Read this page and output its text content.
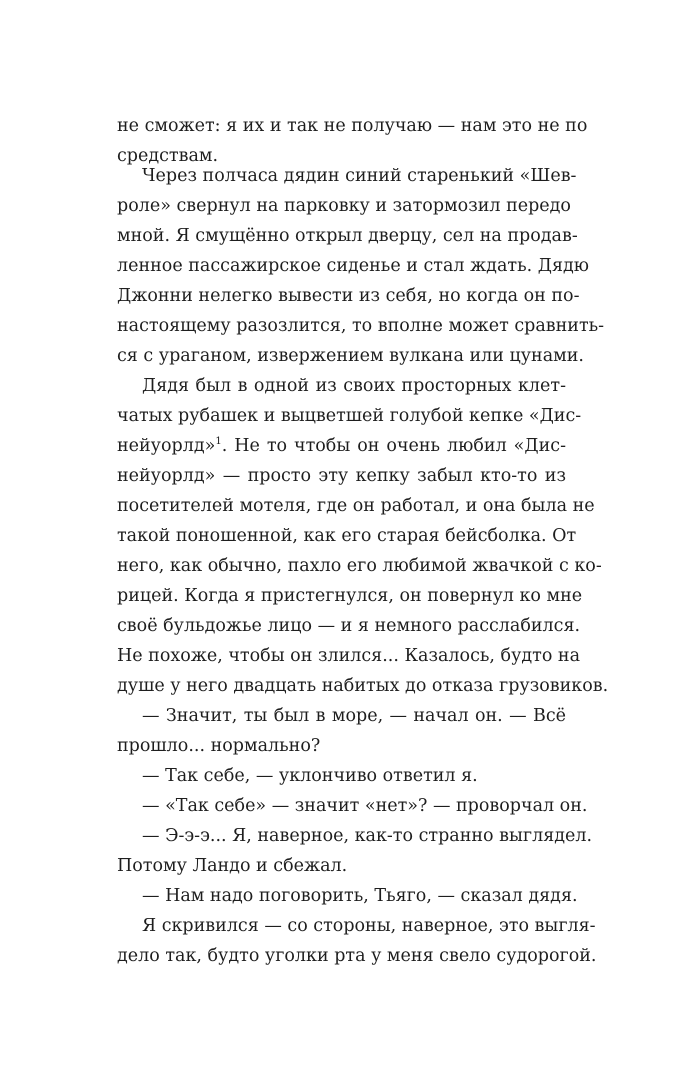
не сможет: я их и так не получаю — нам это не по
средствам.
Через полчаса дядин синий старенький «Шев-
роле» свернул на парковку и затормозил передо
мной. Я смущённо открыл дверцу, сел на продав-
ленное пассажирское сиденье и стал ждать. Дядю
Джонни нелегко вывести из себя, но когда он по-
настоящему разозлится, то вполне может сравнить-
ся с ураганом, извержением вулкана или цунами.
Дядя был в одной из своих просторных клет-
чатых рубашек и выцветшей голубой кепке «Дис-
нейуорлд»$^1$. Не то чтобы он очень любил «Дис-
нейуорлд» — просто эту кепку забыл кто-то из
посетителей мотеля, где он работал, и она была не
такой поношенной, как его старая бейсболка. От
него, как обычно, пахло его любимой жвачкой с ко-
рицей. Когда я пристегнулся, он повернул ко мне
своё бульдожье лицо — и я немного расслабился.
Не похоже, чтобы он злился... Казалось, будто на
душе у него двадцать набитых до отказа грузовиков.
— Значит, ты был в море, — начал он. — Всё
прошло... нормально?
— Так себе, — уклончиво ответил я.
— «Так себе» — значит «нет»? — проворчал он.
— Э-э-э... Я, наверное, как-то странно выглядел.
Потому Ландо и сбежал.
— Нам надо поговорить, Тьяго, — сказал дядя.
Я скривился — со стороны, наверное, это выгля-
дело так, будто уголки рта у меня свело судорогой.
